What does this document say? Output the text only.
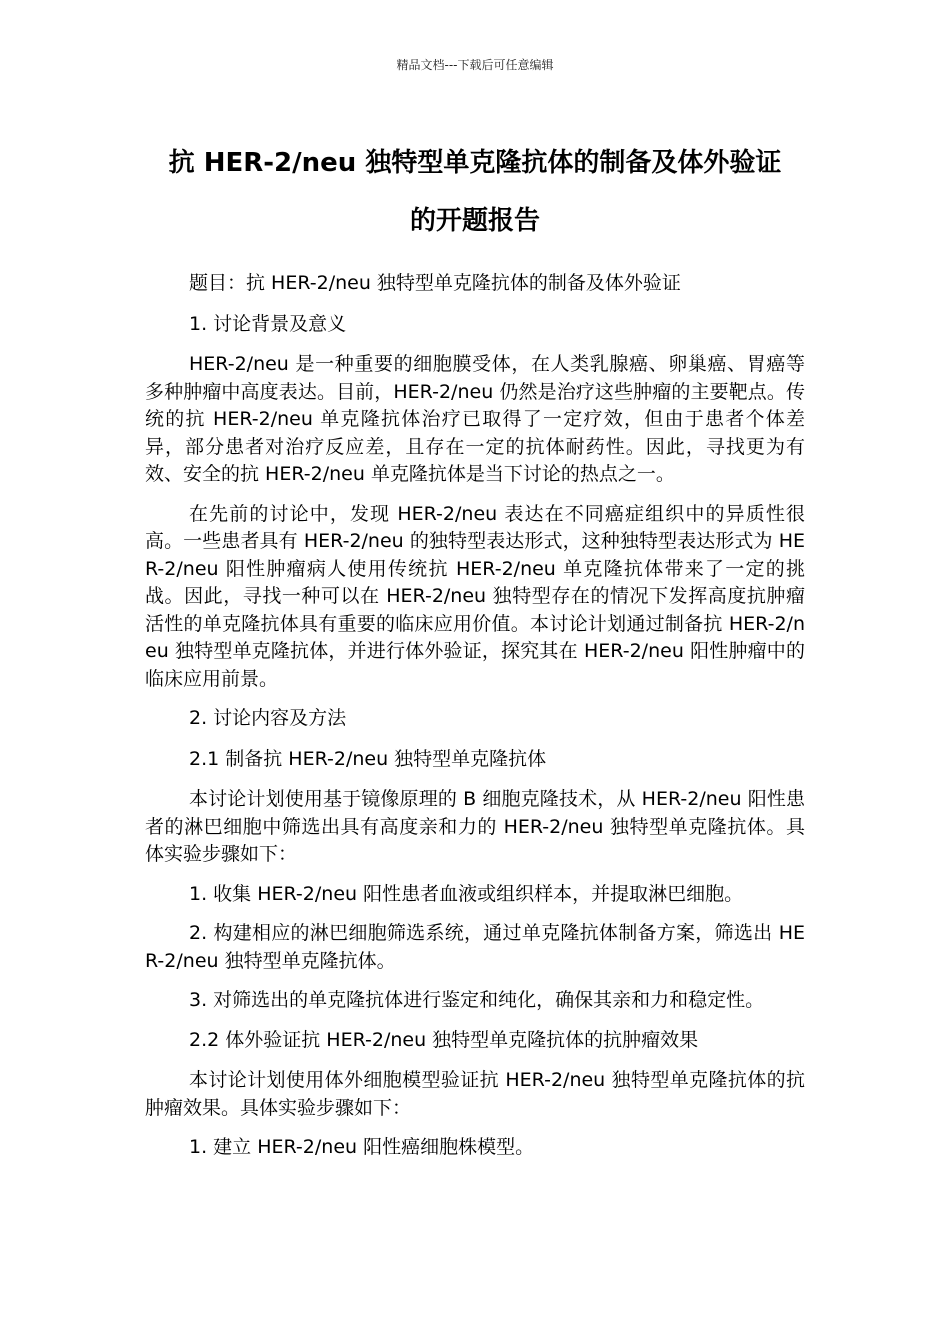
精品文档---下载后可任意编辑
抗 HER-2/neu 独特型单克隆抗体的制备及体外验证
的开题报告

题目：抗 HER-2/neu 独特型单克隆抗体的制备及体外验证

1. 讨论背景及意义

HER-2/neu 是一种重要的细胞膜受体，在人类乳腺癌、卵巢癌、胃癌等多种肿瘤中高度表达。目前，HER-2/neu 仍然是治疗这些肿瘤的主要靶点。传统的抗 HER-2/neu 单克隆抗体治疗已取得了一定疗效，但由于患者个体差异，部分患者对治疗反应差，且存在一定的抗体耐药性。因此，寻找更为有效、安全的抗 HER-2/neu 单克隆抗体是当下讨论的热点之一。

在先前的讨论中，发现 HER-2/neu 表达在不同癌症组织中的异质性很高。一些患者具有 HER-2/neu 的独特型表达形式，这种独特型表达形式为 HER-2/neu 阳性肿瘤病人使用传统抗 HER-2/neu 单克隆抗体带来了一定的挑战。因此，寻找一种可以在 HER-2/neu 独特型存在的情况下发挥高度抗肿瘤活性的单克隆抗体具有重要的临床应用价值。本讨论计划通过制备抗 HER-2/neu 独特型单克隆抗体，并进行体外验证，探究其在 HER-2/neu 阳性肿瘤中的临床应用前景。

2. 讨论内容及方法

2.1 制备抗 HER-2/neu 独特型单克隆抗体

本讨论计划使用基于镜像原理的 B 细胞克隆技术，从 HER-2/neu 阳性患者的淋巴细胞中筛选出具有高度亲和力的 HER-2/neu 独特型单克隆抗体。具体实验步骤如下：

1. 收集 HER-2/neu 阳性患者血液或组织样本，并提取淋巴细胞。

2. 构建相应的淋巴细胞筛选系统，通过单克隆抗体制备方案，筛选出 HER-2/neu 独特型单克隆抗体。

3. 对筛选出的单克隆抗体进行鉴定和纯化，确保其亲和力和稳定性。

2.2 体外验证抗 HER-2/neu 独特型单克隆抗体的抗肿瘤效果

本讨论计划使用体外细胞模型验证抗 HER-2/neu 独特型单克隆抗体的抗肿瘤效果。具体实验步骤如下：

1. 建立 HER-2/neu 阳性癌细胞株模型。
